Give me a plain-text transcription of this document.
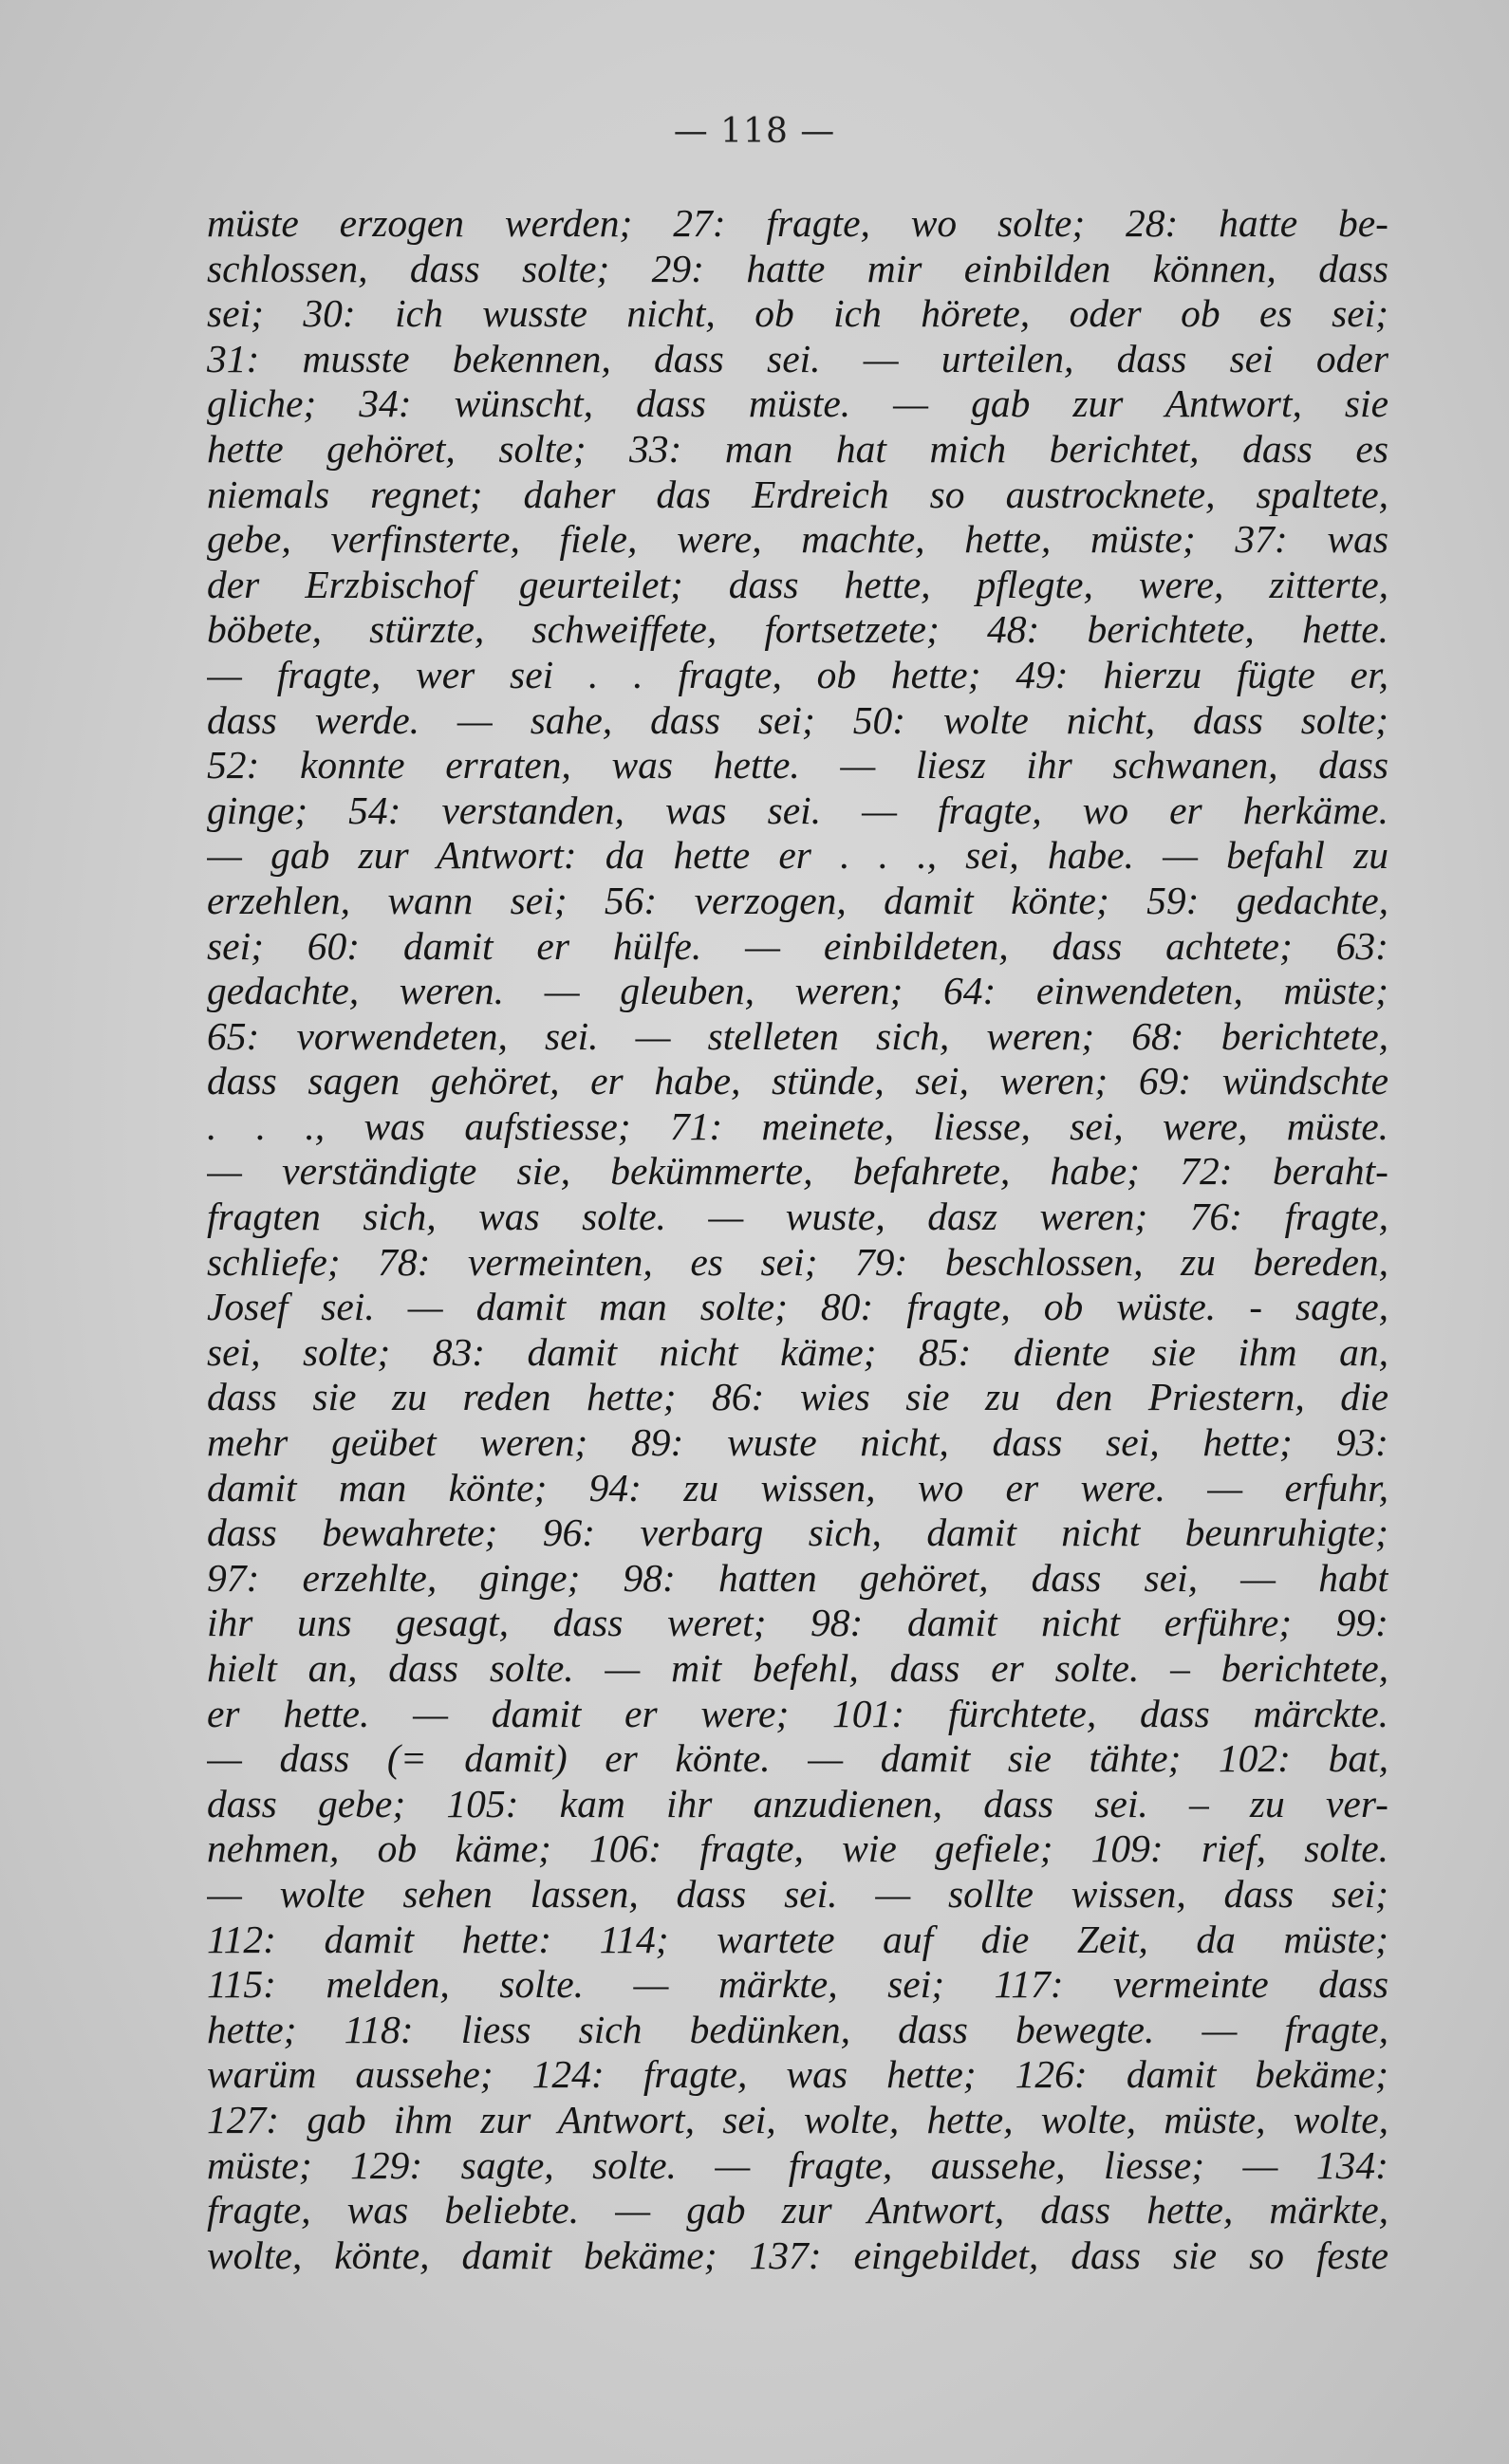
— 118 —
müste erzogen werden; 27: fragte, wo solte; 28: hatte be-
schlossen, dass solte; 29: hatte mir einbilden können, dass
sei; 30: ich wusste nicht, ob ich hörete, oder ob es sei;
31: musste bekennen, dass sei. — urteilen, dass sei oder
gliche; 34: wünscht, dass müste. — gab zur Antwort, sie
hette gehöret, solte; 33: man hat mich berichtet, dass es
niemals regnet; daher das Erdreich so austrocknete, spaltete,
gebe, verfinsterte, fiele, were, machte, hette, müste; 37: was
der Erzbischof geurteilet; dass hette, pflegte, were, zitterte,
böbete, stürzte, schweiffete, fortsetzete; 48: berichtete, hette.
— fragte, wer sei . . fragte, ob hette; 49: hierzu fügte er,
dass werde. — sahe, dass sei; 50: wolte nicht, dass solte;
52: konnte erraten, was hette. — liesz ihr schwanen, dass
ginge; 54: verstanden, was sei. — fragte, wo er herkäme.
— gab zur Antwort: da hette er . . ., sei, habe. — befahl zu
erzehlen, wann sei; 56: verzogen, damit könte; 59: gedachte,
sei; 60: damit er hülfe. — einbildeten, dass achtete; 63:
gedachte, weren. — gleuben, weren; 64: einwendeten, müste;
65: vorwendeten, sei. — stelleten sich, weren; 68: berichtete,
dass sagen gehöret, er habe, stünde, sei, weren; 69: wündschte
. . ., was aufstiesse; 71: meinete, liesse, sei, were, müste.
— verständigte sie, bekümmerte, befahrete, habe; 72: beraht-
fragten sich, was solte. — wuste, dasz weren; 76: fragte,
schliefe; 78: vermeinten, es sei; 79: beschlossen, zu bereden,
Josef sei. — damit man solte; 80: fragte, ob wüste. - sagte,
sei, solte; 83: damit nicht käme; 85: diente sie ihm an,
dass sie zu reden hette; 86: wies sie zu den Priestern, die
mehr geübet weren; 89: wuste nicht, dass sei, hette; 93:
damit man könte; 94: zu wissen, wo er were. — erfuhr,
dass bewahrete; 96: verbarg sich, damit nicht beunruhigte;
97: erzehlte, ginge; 98: hatten gehöret, dass sei, — habt
ihr uns gesagt, dass weret; 98: damit nicht erführe; 99:
hielt an, dass solte. — mit befehl, dass er solte. – berichtete,
er hette. — damit er were; 101: fürchtete, dass märckte.
— dass (= damit) er könte. — damit sie tähte; 102: bat,
dass gebe; 105: kam ihr anzudienen, dass sei. – zu ver-
nehmen, ob käme; 106: fragte, wie gefiele; 109: rief, solte.
— wolte sehen lassen, dass sei. — sollte wissen, dass sei;
112: damit hette: 114; wartete auf die Zeit, da müste;
115: melden, solte. — märkte, sei; 117: vermeinte dass
hette; 118: liess sich bedünken, dass bewegte. — fragte,
warüm aussehe; 124: fragte, was hette; 126: damit bekäme;
127: gab ihm zur Antwort, sei, wolte, hette, wolte, müste, wolte,
müste; 129: sagte, solte. — fragte, aussehe, liesse; — 134:
fragte, was beliebte. — gab zur Antwort, dass hette, märkte,
wolte, könte, damit bekäme; 137: eingebildet, dass sie so feste
